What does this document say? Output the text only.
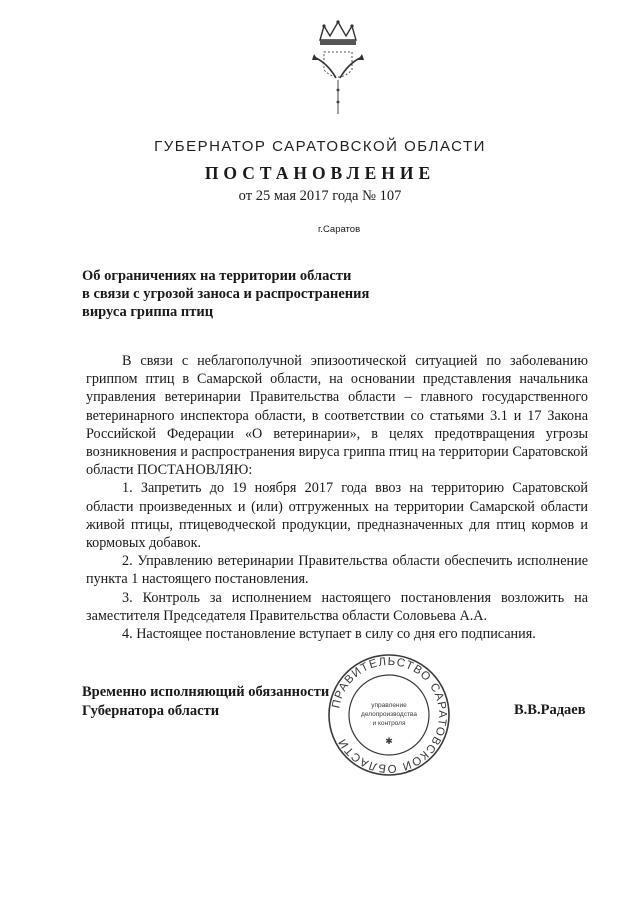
ГУБЕРНАТОР САРАТОВСКОЙ ОБЛАСТИ
ПОСТАНОВЛЕНИЕ
от 25 мая 2017 года № 107
г.Саратов
Об ограничениях на территории области
в связи с угрозой заноса и распространения
вируса гриппа птиц

В связи с неблагополучной эпизоотической ситуацией по заболеванию гриппом птиц в Самарской области, на основании представления начальника управления ветеринарии Правительства области – главного государственного ветеринарного инспектора области, в соответствии со статьями 3.1 и 17 Закона Российской Федерации «О ветеринарии», в целях предотвращения угрозы возникновения и распространения вируса гриппа птиц на территории Саратовской области ПОСТАНОВЛЯЮ:

1. Запретить до 19 ноября 2017 года ввоз на территорию Саратовской области произведенных и (или) отгруженных на территории Самарской области живой птицы, птицеводческой продукции, предназначенных для птиц кормов и кормовых добавок.

2. Управлению ветеринарии Правительства области обеспечить исполнение пункта 1 настоящего постановления.

3. Контроль за исполнением настоящего постановления возложить на заместителя Председателя Правительства области Соловьева А.А.

4. Настоящее постановление вступает в силу со дня его подписания.

Временно исполняющий обязанности
Губернатора области	ПРАВИТЕЛЬСТВО САРАТОВСКОЙ ОБЛАСТИ
управление
делопроизводства
и контроля
✱
В.В.Радаев
